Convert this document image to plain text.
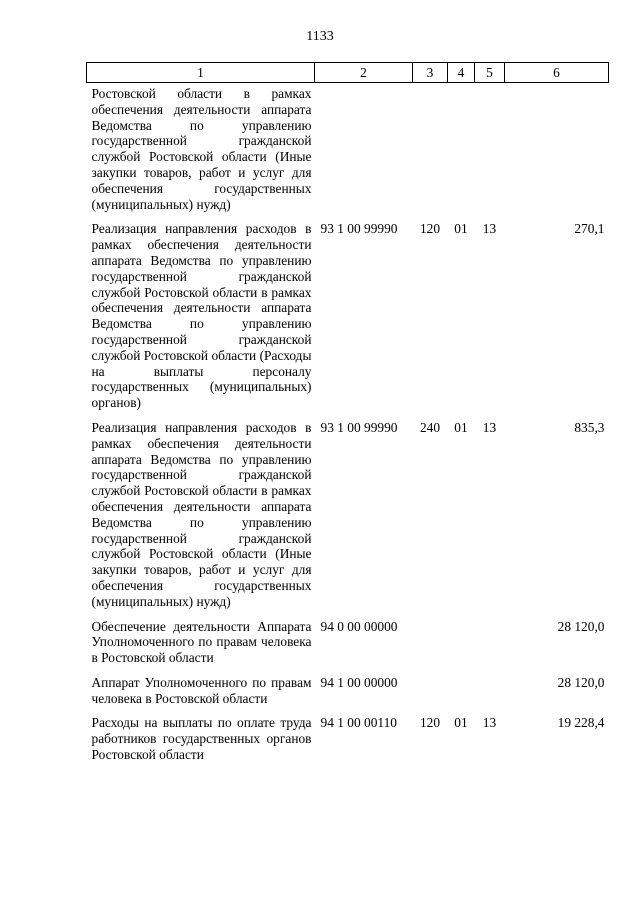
1133
1	2	3	4	5	6
Ростовской области в рамках обеспечения деятельности аппарата Ведомства по управлению государственной гражданской службой Ростовской области (Иные закупки товаров, работ и услуг для обеспечения государственных (муниципальных) нужд)					
Реализация направления расходов в рамках обеспечения деятельности аппарата Ведомства по управлению государственной гражданской службой Ростовской области в рамках обеспечения деятельности аппарата Ведомства по управлению государственной гражданской службой Ростовской области (Расходы на выплаты персоналу государственных (муниципальных) органов)	93 1 00 99990	120	01	13	270,1
Реализация направления расходов в рамках обеспечения деятельности аппарата Ведомства по управлению государственной гражданской службой Ростовской области в рамках обеспечения деятельности аппарата Ведомства по управлению государственной гражданской службой Ростовской области (Иные закупки товаров, работ и услуг для обеспечения государственных (муниципальных) нужд)	93 1 00 99990	240	01	13	835,3
Обеспечение деятельности Аппарата Уполномоченного по правам человека в Ростовской области	94 0 00 00000				28 120,0
Аппарат Уполномоченного по правам человека в Ростовской области	94 1 00 00000				28 120,0
Расходы на выплаты по оплате труда работников государственных органов Ростовской области	94 1 00 00110	120	01	13	19 228,4
